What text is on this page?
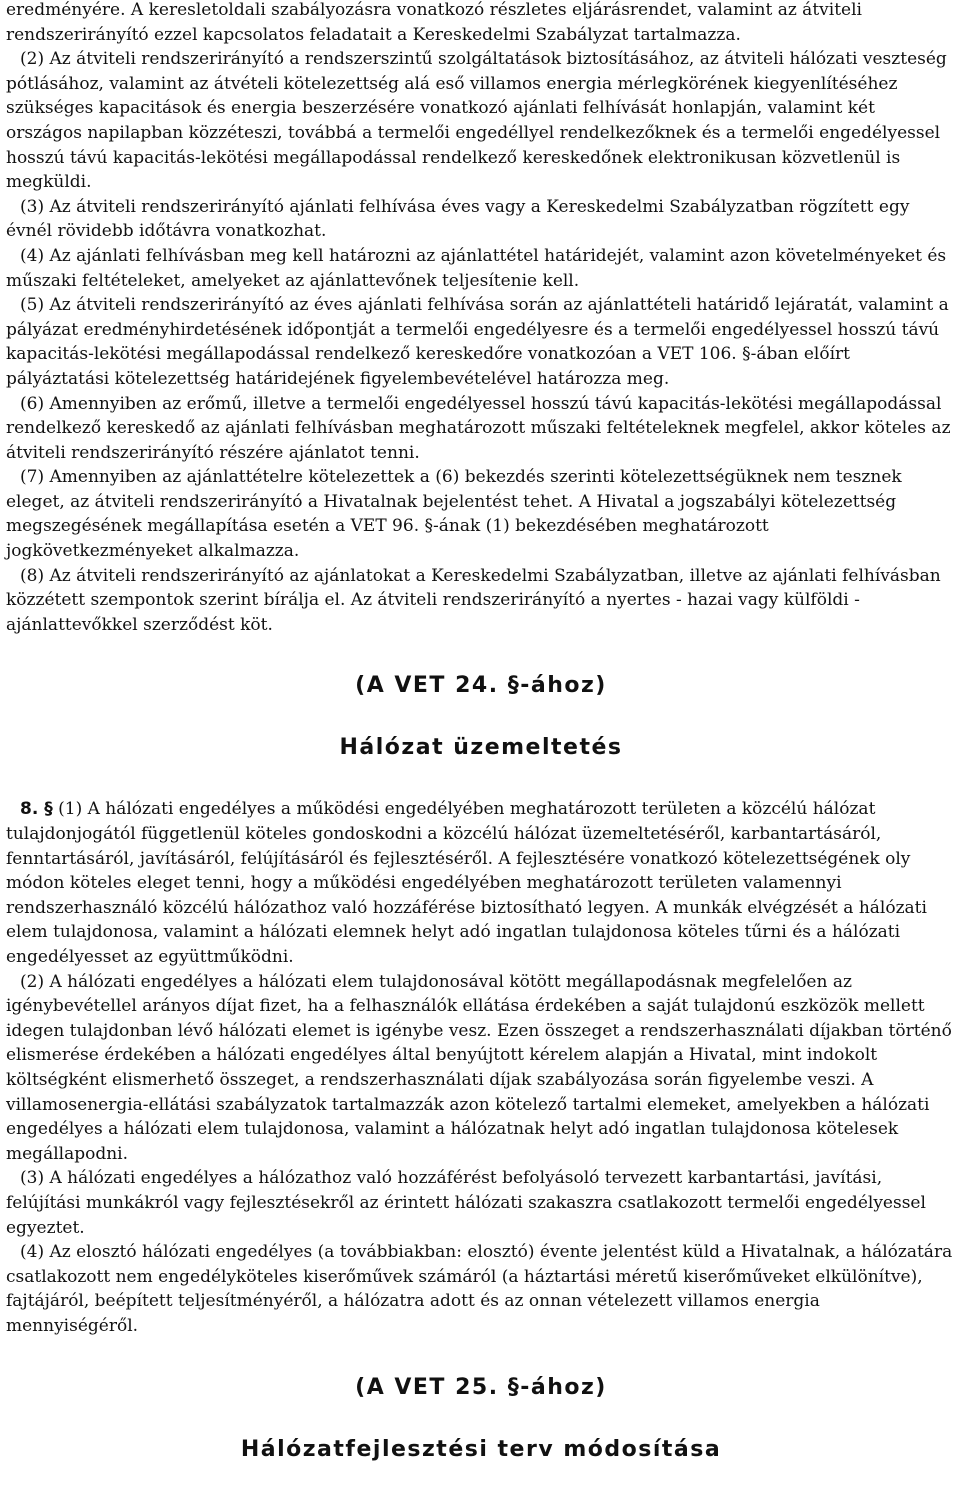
eredményére. A keresletoldali szabályozásra vonatkozó részletes eljárásrendet, valamint az átviteli rendszerirányító ezzel kapcsolatos feladatait a Kereskedelmi Szabályzat tartalmazza.

(2) Az átviteli rendszerirányító a rendszerszintű szolgáltatások biztosításához, az átviteli hálózati veszteség pótlásához, valamint az átvételi kötelezettség alá eső villamos energia mérlegkörének kiegyenlítéséhez szükséges kapacitások és energia beszerzésére vonatkozó ajánlati felhívását honlapján, valamint két országos napilapban közzéteszi, továbbá a termelői engedéllyel rendelkezőknek és a termelői engedélyessel hosszú távú kapacitás-lekötési megállapodással rendelkező kereskedőnek elektronikusan közvetlenül is megküldi.

(3) Az átviteli rendszerirányító ajánlati felhívása éves vagy a Kereskedelmi Szabályzatban rögzített egy évnél rövidebb időtávra vonatkozhat.

(4) Az ajánlati felhívásban meg kell határozni az ajánlattétel határidejét, valamint azon követelményeket és műszaki feltételeket, amelyeket az ajánlattevőnek teljesítenie kell.

(5) Az átviteli rendszerirányító az éves ajánlati felhívása során az ajánlattételi határidő lejáratát, valamint a pályázat eredményhirdetésének időpontját a termelői engedélyesre és a termelői engedélyessel hosszú távú kapacitás-lekötési megállapodással rendelkező kereskedőre vonatkozóan a VET 106. §-ában előírt pályáztatási kötelezettség határidejének figyelembevételével határozza meg.

(6) Amennyiben az erőmű, illetve a termelői engedélyessel hosszú távú kapacitás-lekötési megállapodással rendelkező kereskedő az ajánlati felhívásban meghatározott műszaki feltételeknek megfelel, akkor köteles az átviteli rendszerirányító részére ajánlatot tenni.

(7) Amennyiben az ajánlattételre kötelezettek a (6) bekezdés szerinti kötelezettségüknek nem tesznek eleget, az átviteli rendszerirányító a Hivatalnak bejelentést tehet. A Hivatal a jogszabályi kötelezettség megszegésének megállapítása esetén a VET 96. §-ának (1) bekezdésében meghatározott jogkövetkezményeket alkalmazza.

(8) Az átviteli rendszerirányító az ajánlatokat a Kereskedelmi Szabályzatban, illetve az ajánlati felhívásban közzétett szempontok szerint bírálja el. Az átviteli rendszerirányító a nyertes - hazai vagy külföldi - ajánlattevőkkel szerződést köt.

(A VET 24. §-ához)
Hálózat üzemeltetés

8. § (1) A hálózati engedélyes a működési engedélyében meghatározott területen a közcélú hálózat tulajdonjogától függetlenül köteles gondoskodni a közcélú hálózat üzemeltetéséről, karbantartásáról, fenntartásáról, javításáról, felújításáról és fejlesztéséről. A fejlesztésére vonatkozó kötelezettségének oly módon köteles eleget tenni, hogy a működési engedélyében meghatározott területen valamennyi rendszerhasználó közcélú hálózathoz való hozzáférése biztosítható legyen. A munkák elvégzését a hálózati elem tulajdonosa, valamint a hálózati elemnek helyt adó ingatlan tulajdonosa köteles tűrni és a hálózati engedélyesset az együttműködni.

(2) A hálózati engedélyes a hálózati elem tulajdonosával kötött megállapodásnak megfelelően az igénybevétellel arányos díjat fizet, ha a felhasználók ellátása érdekében a saját tulajdonú eszközök mellett idegen tulajdonban lévő hálózati elemet is igénybe vesz. Ezen összeget a rendszerhasználati díjakban történő elismerése érdekében a hálózati engedélyes által benyújtott kérelem alapján a Hivatal, mint indokolt költségként elismerhető összeget, a rendszerhasználati díjak szabályozása során figyelembe veszi. A villamosenergia-ellátási szabályzatok tartalmazzák azon kötelező tartalmi elemeket, amelyekben a hálózati engedélyes a hálózati elem tulajdonosa, valamint a hálózatnak helyt adó ingatlan tulajdonosa kötelesek megállapodni.

(3) A hálózati engedélyes a hálózathoz való hozzáférést befolyásoló tervezett karbantartási, javítási, felújítási munkákról vagy fejlesztésekről az érintett hálózati szakaszra csatlakozott termelői engedélyessel egyeztet.

(4) Az elosztó hálózati engedélyes (a továbbiakban: elosztó) évente jelentést küld a Hivatalnak, a hálózatára csatlakozott nem engedélyköteles kiserőművek számáról (a háztartási méretű kiserőműveket elkülönítve), fajtájáról, beépített teljesítményéről, a hálózatra adott és az onnan vételezett villamos energia mennyiségéről.

(A VET 25. §-ához)
Hálózatfejlesztési terv módosítása
